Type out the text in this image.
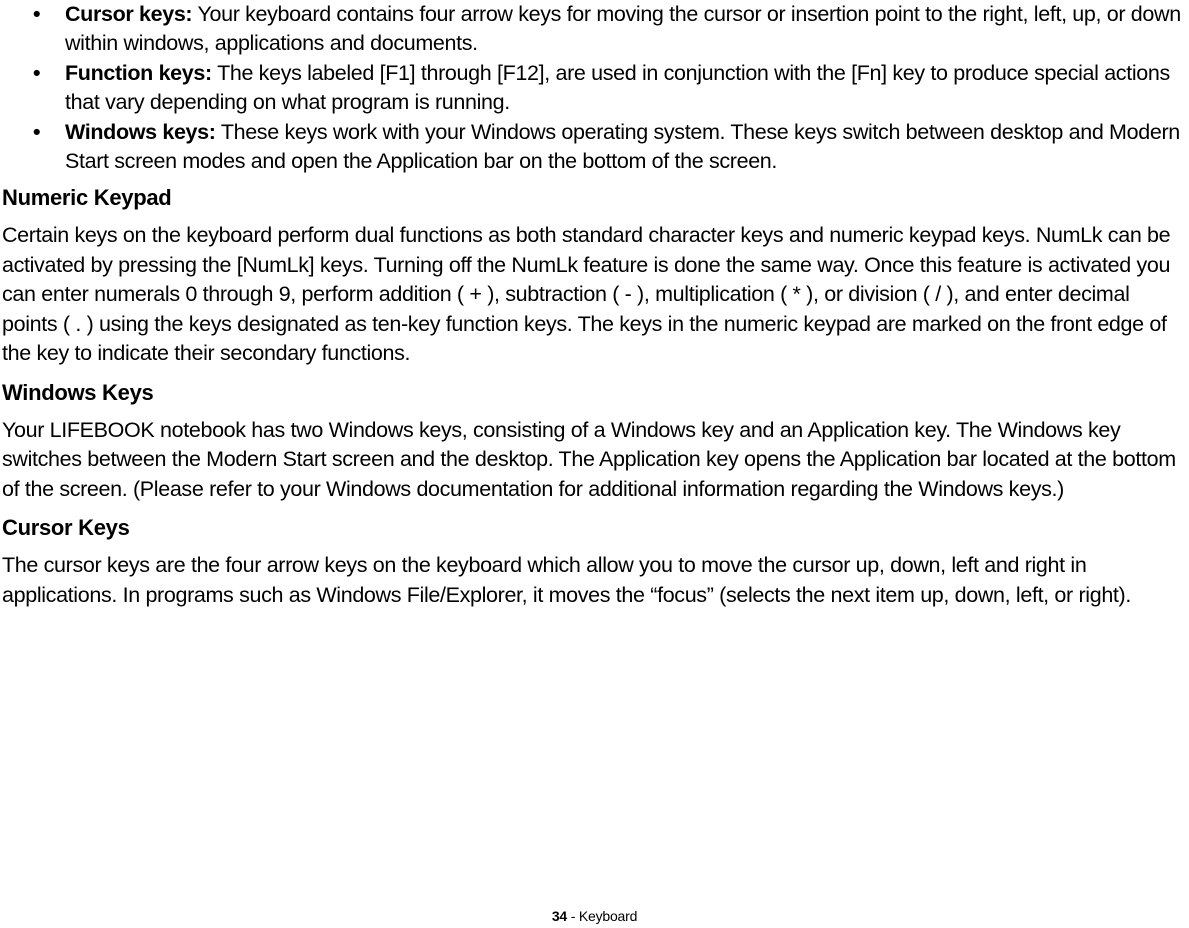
• Cursor keys: Your keyboard contains four arrow keys for moving the cursor or insertion point to the right, left, up, or down within windows, applications and documents.
• Function keys: The keys labeled [F1] through [F12], are used in conjunction with the [Fn] key to produce special actions that vary depending on what program is running.
• Windows keys: These keys work with your Windows operating system. These keys switch between desktop and Modern Start screen modes and open the Application bar on the bottom of the screen.
Numeric Keypad

Certain keys on the keyboard perform dual functions as both standard character keys and numeric keypad keys. NumLk can be activated by pressing the [NumLk] keys. Turning off the NumLk feature is done the same way. Once this feature is activated you can enter numerals 0 through 9, perform addition ( + ), subtraction ( - ), multiplication ( * ), or division ( / ), and enter decimal points ( . ) using the keys designated as ten-key function keys. The keys in the numeric keypad are marked on the front edge of the key to indicate their secondary functions.

Windows Keys

Your LIFEBOOK notebook has two Windows keys, consisting of a Windows key and an Application key. The Windows key switches between the Modern Start screen and the desktop. The Application key opens the Application bar located at the bottom of the screen. (Please refer to your Windows documentation for additional information regarding the Windows keys.)

Cursor Keys

The cursor keys are the four arrow keys on the keyboard which allow you to move the cursor up, down, left and right in applications. In programs such as Windows File/Explorer, it moves the “focus” (selects the next item up, down, left, or right).

34 - Keyboard
